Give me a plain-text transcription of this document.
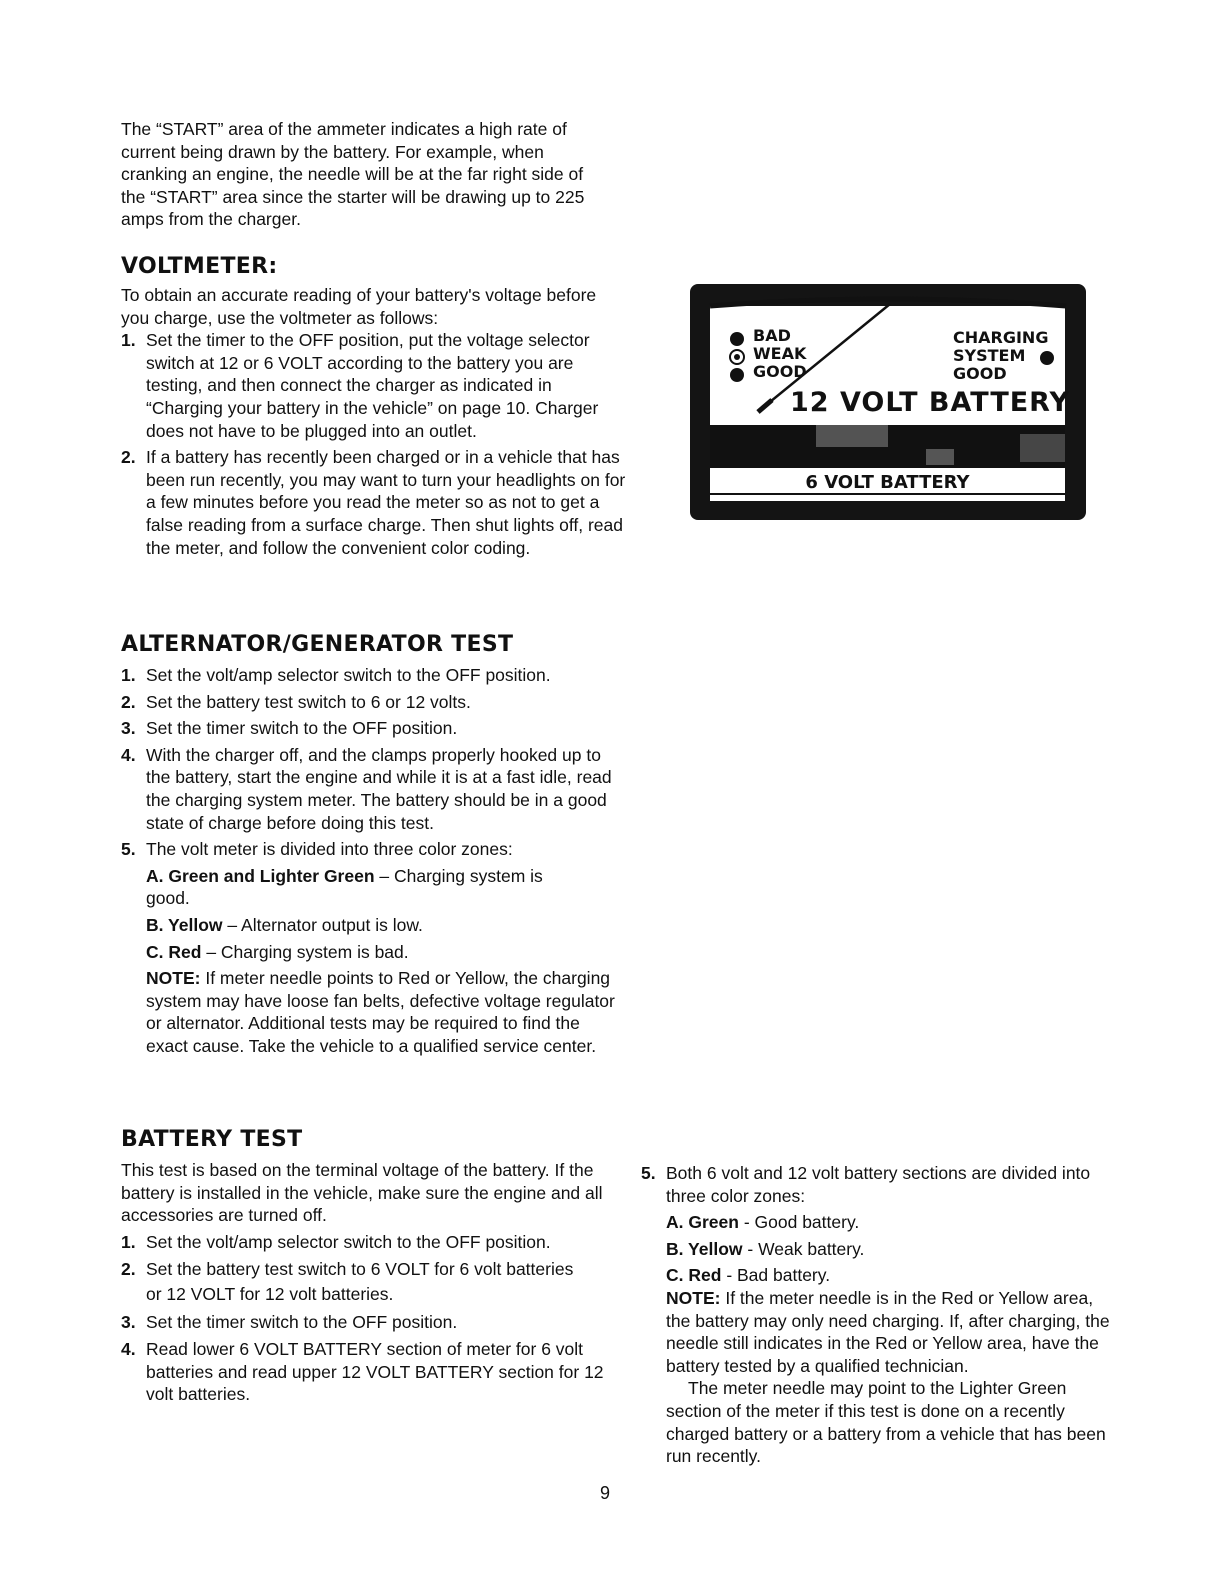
The “START” area of the ammeter indicates a high rate of current being drawn by the battery. For example, when cranking an engine, the needle will be at the far right side of the “START” area since the starter will be drawing up to 225 amps from the charger.
VOLTMETER:
To obtain an accurate reading of your battery's voltage before you charge, use the voltmeter as follows:
1. Set the timer to the OFF position, put the voltage selector switch at 12 or 6 VOLT according to the battery you are testing, and then connect the charger as indicated in “Charging your battery in the vehicle” on page 10. Charger does not have to be plugged into an outlet.
2. If a battery has recently been charged or in a vehicle that has been run recently, you may want to turn your headlights on for a few minutes before you read the meter so as not to get a false reading from a surface charge. Then shut lights off, read the meter, and follow the convenient color coding.
BAD
WEAK
GOOD
CHARGING
SYSTEM
GOOD
12 VOLT BATTERY
6 VOLT BATTERY
ALTERNATOR/GENERATOR TEST
1. Set the volt/amp selector switch to the OFF position.
2. Set the battery test switch to 6 or 12 volts.
3. Set the timer switch to the OFF position.
4. With the charger off, and the clamps properly hooked up to the battery, start the engine and while it is at a fast idle, read the charging system meter. The battery should be in a good state of charge before doing this test.
5. The volt meter is divided into three color zones:
A. Green and Lighter Green – Charging system is good.
B. Yellow – Alternator output is low.
C. Red – Charging system is bad.
NOTE: If meter needle points to Red or Yellow, the charging system may have loose fan belts, defective voltage regulator or alternator. Additional tests may be required to find the exact cause. Take the vehicle to a qualified service center.
BATTERY TEST
This test is based on the terminal voltage of the battery. If the battery is installed in the vehicle, make sure the engine and all accessories are turned off.
1. Set the volt/amp selector switch to the OFF position.
2. Set the battery test switch to 6 VOLT for 6 volt batteries or 12 VOLT for 12 volt batteries.
3. Set the timer switch to the OFF position.
4. Read lower 6 VOLT BATTERY section of meter for 6 volt batteries and read upper 12 VOLT BATTERY section for 12 volt batteries.
5. Both 6 volt and 12 volt battery sections are divided into three color zones:
A. Green - Good battery.
B. Yellow - Weak battery.
C. Red - Bad battery.
NOTE: If the meter needle is in the Red or Yellow area, the battery may only need charging. If, after charging, the needle still indicates in the Red or Yellow area, have the battery tested by a qualified technician.
The meter needle may point to the Lighter Green section of the meter if this test is done on a recently charged battery or a battery from a vehicle that has been run recently.
9
